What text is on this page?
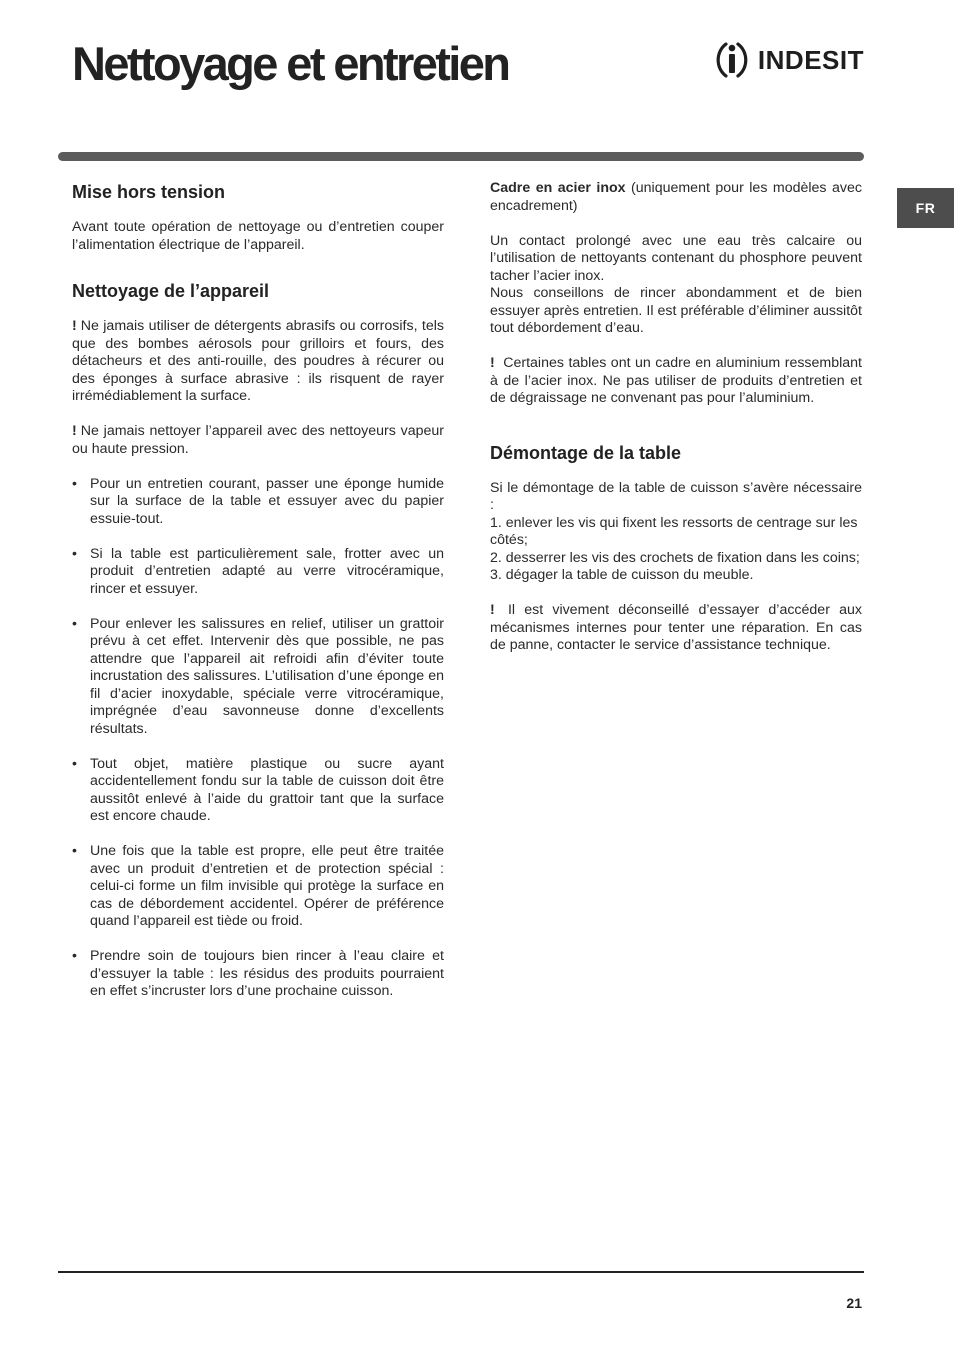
Nettoyage et entretien	INDESIT
FR
Mise hors tension

Avant toute opération de nettoyage ou d’entretien couper l’alimentation électrique de l’appareil.

Nettoyage de l’appareil

! Ne jamais utiliser de détergents abrasifs ou corrosifs, tels que des bombes aérosols pour grilloirs et fours, des détacheurs et des anti-rouille, des poudres à récurer ou des éponges à surface abrasive : ils risquent de rayer irrémédiablement la surface.

! Ne jamais nettoyer l’appareil avec des nettoyeurs vapeur ou haute pression.

• Pour un entretien courant, passer une éponge humide sur la surface de la table et essuyer avec du papier essuie-tout.
• Si la table est particulièrement sale, frotter avec un produit d’entretien adapté au verre vitrocéramique, rincer et essuyer.
• Pour enlever les salissures en relief, utiliser un grattoir prévu à cet effet. Intervenir dès que possible, ne pas attendre que l’appareil ait refroidi afin d’éviter toute incrustation des salissures. L’utilisation d’une éponge en fil d’acier inoxydable, spéciale verre vitrocéramique, imprégnée d’eau savonneuse donne d’excellents résultats.
• Tout objet, matière plastique ou sucre ayant accidentellement fondu sur la table de cuisson doit être aussitôt enlevé à l’aide du grattoir tant que la surface est encore chaude.
• Une fois que la table est propre, elle peut être traitée avec un produit d’entretien et de protection spécial : celui-ci forme un film invisible qui protège la surface en cas de débordement accidentel. Opérer de préférence quand l’appareil est tiède ou froid.
• Prendre soin de toujours bien rincer à l’eau claire et d’essuyer la table : les résidus des produits pourraient en effet s’incruster lors d’une prochaine cuisson.

Cadre en acier inox (uniquement pour les modèles avec encadrement)

Un contact prolongé avec une eau très calcaire ou l’utilisation de nettoyants contenant du phosphore peuvent tacher l’acier inox.

Nous conseillons de rincer abondamment et de bien essuyer après entretien. Il est préférable d’éliminer aussitôt tout débordement d’eau.

! Certaines tables ont un cadre en aluminium ressemblant à de l’acier inox. Ne pas utiliser de produits d’entretien et de dégraissage ne convenant pas pour l’aluminium.

Démontage de la table

Si le démontage de la table de cuisson s’avère nécessaire :

1. enlever les vis qui fixent les ressorts de centrage sur les côtés;
2. desserrer les vis des crochets de fixation dans les coins;
3. dégager la table de cuisson du meuble.

! Il est vivement déconseillé d’essayer d’accéder aux mécanismes internes pour tenter une réparation. En cas de panne, contacter le service d’assistance technique.

21
